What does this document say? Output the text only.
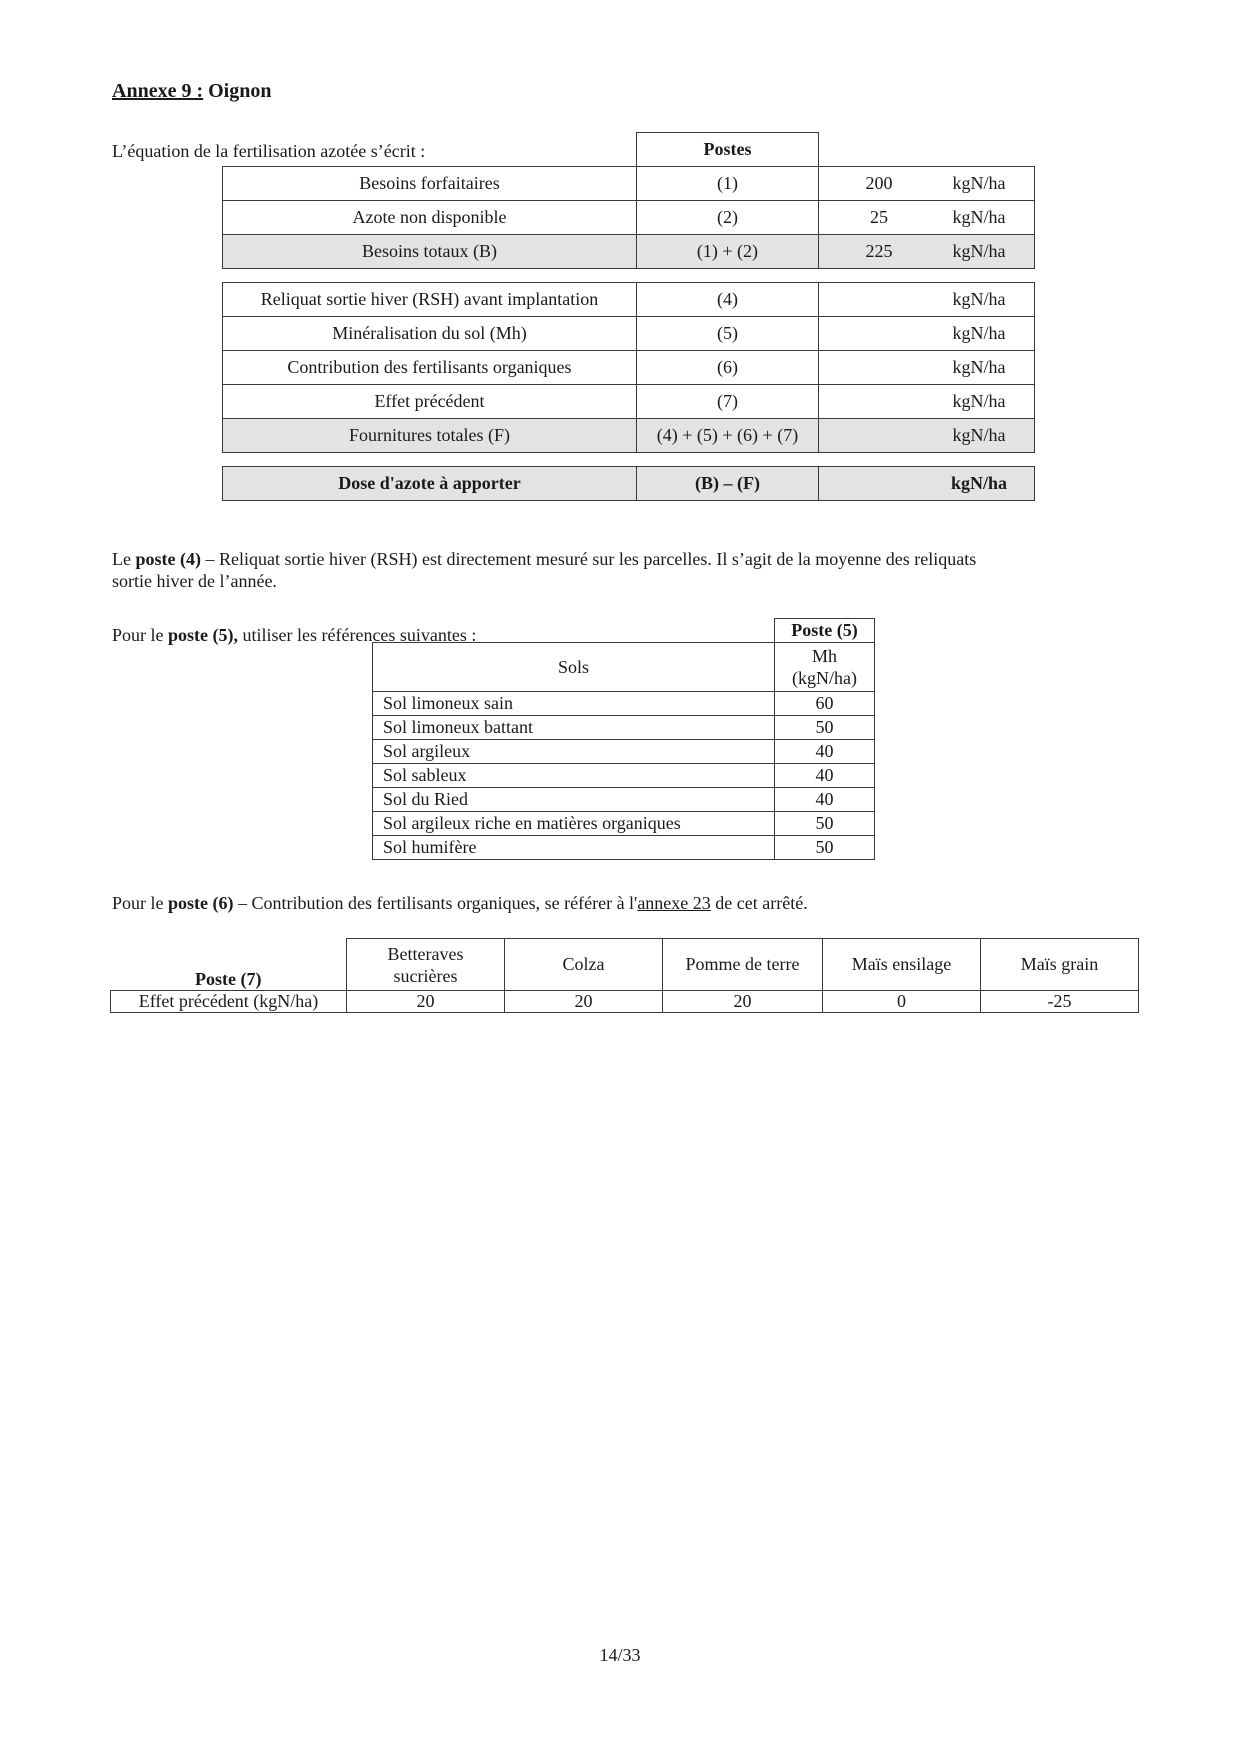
Annexe 9 : Oignon
L’équation de la fertilisation azotée s’écrit :
		Postes	
Besoins forfaitaires	(1)	200 kgN/ha

Azote non disponible	(2)	25 kgN/ha

Besoins totaux (B)	(1) + (2)	225 kgN/ha

Reliquat sortie hiver (RSH) avant implantation	(4)	kgN/ha

Minéralisation du sol (Mh)	(5)	kgN/ha

Contribution des fertilisants organiques	(6)	kgN/ha

Effet précédent	(7)	kgN/ha

Fournitures totales (F)	(4) + (5) + (6) + (7)	kgN/ha

Dose d'azote à apporter	(B) – (F)	kgN/ha
Le poste (4) – Reliquat sortie hiver (RSH) est directement mesuré sur les parcelles. Il s’agit de la moyenne des reliquats
sortie hiver de l’année.
Pour le poste (5), utiliser les références suivantes :
		Poste (5)
Sols	Mh
(kgN/ha)
Sol limoneux sain	60
Sol limoneux battant	50
Sol argileux	40
Sol sableux	40
Sol du Ried	40
Sol argileux riche en matières organiques	50
Sol humifère	50
Pour le poste (6) – Contribution des fertilisants organiques, se référer à l'annexe 23 de cet arrêté.
Poste (7)	Betteraves
sucrières	Colza	Pomme de terre	Maïs ensilage	Maïs grain
Effet précédent (kgN/ha)	20	20	20	0	-25
14/33
